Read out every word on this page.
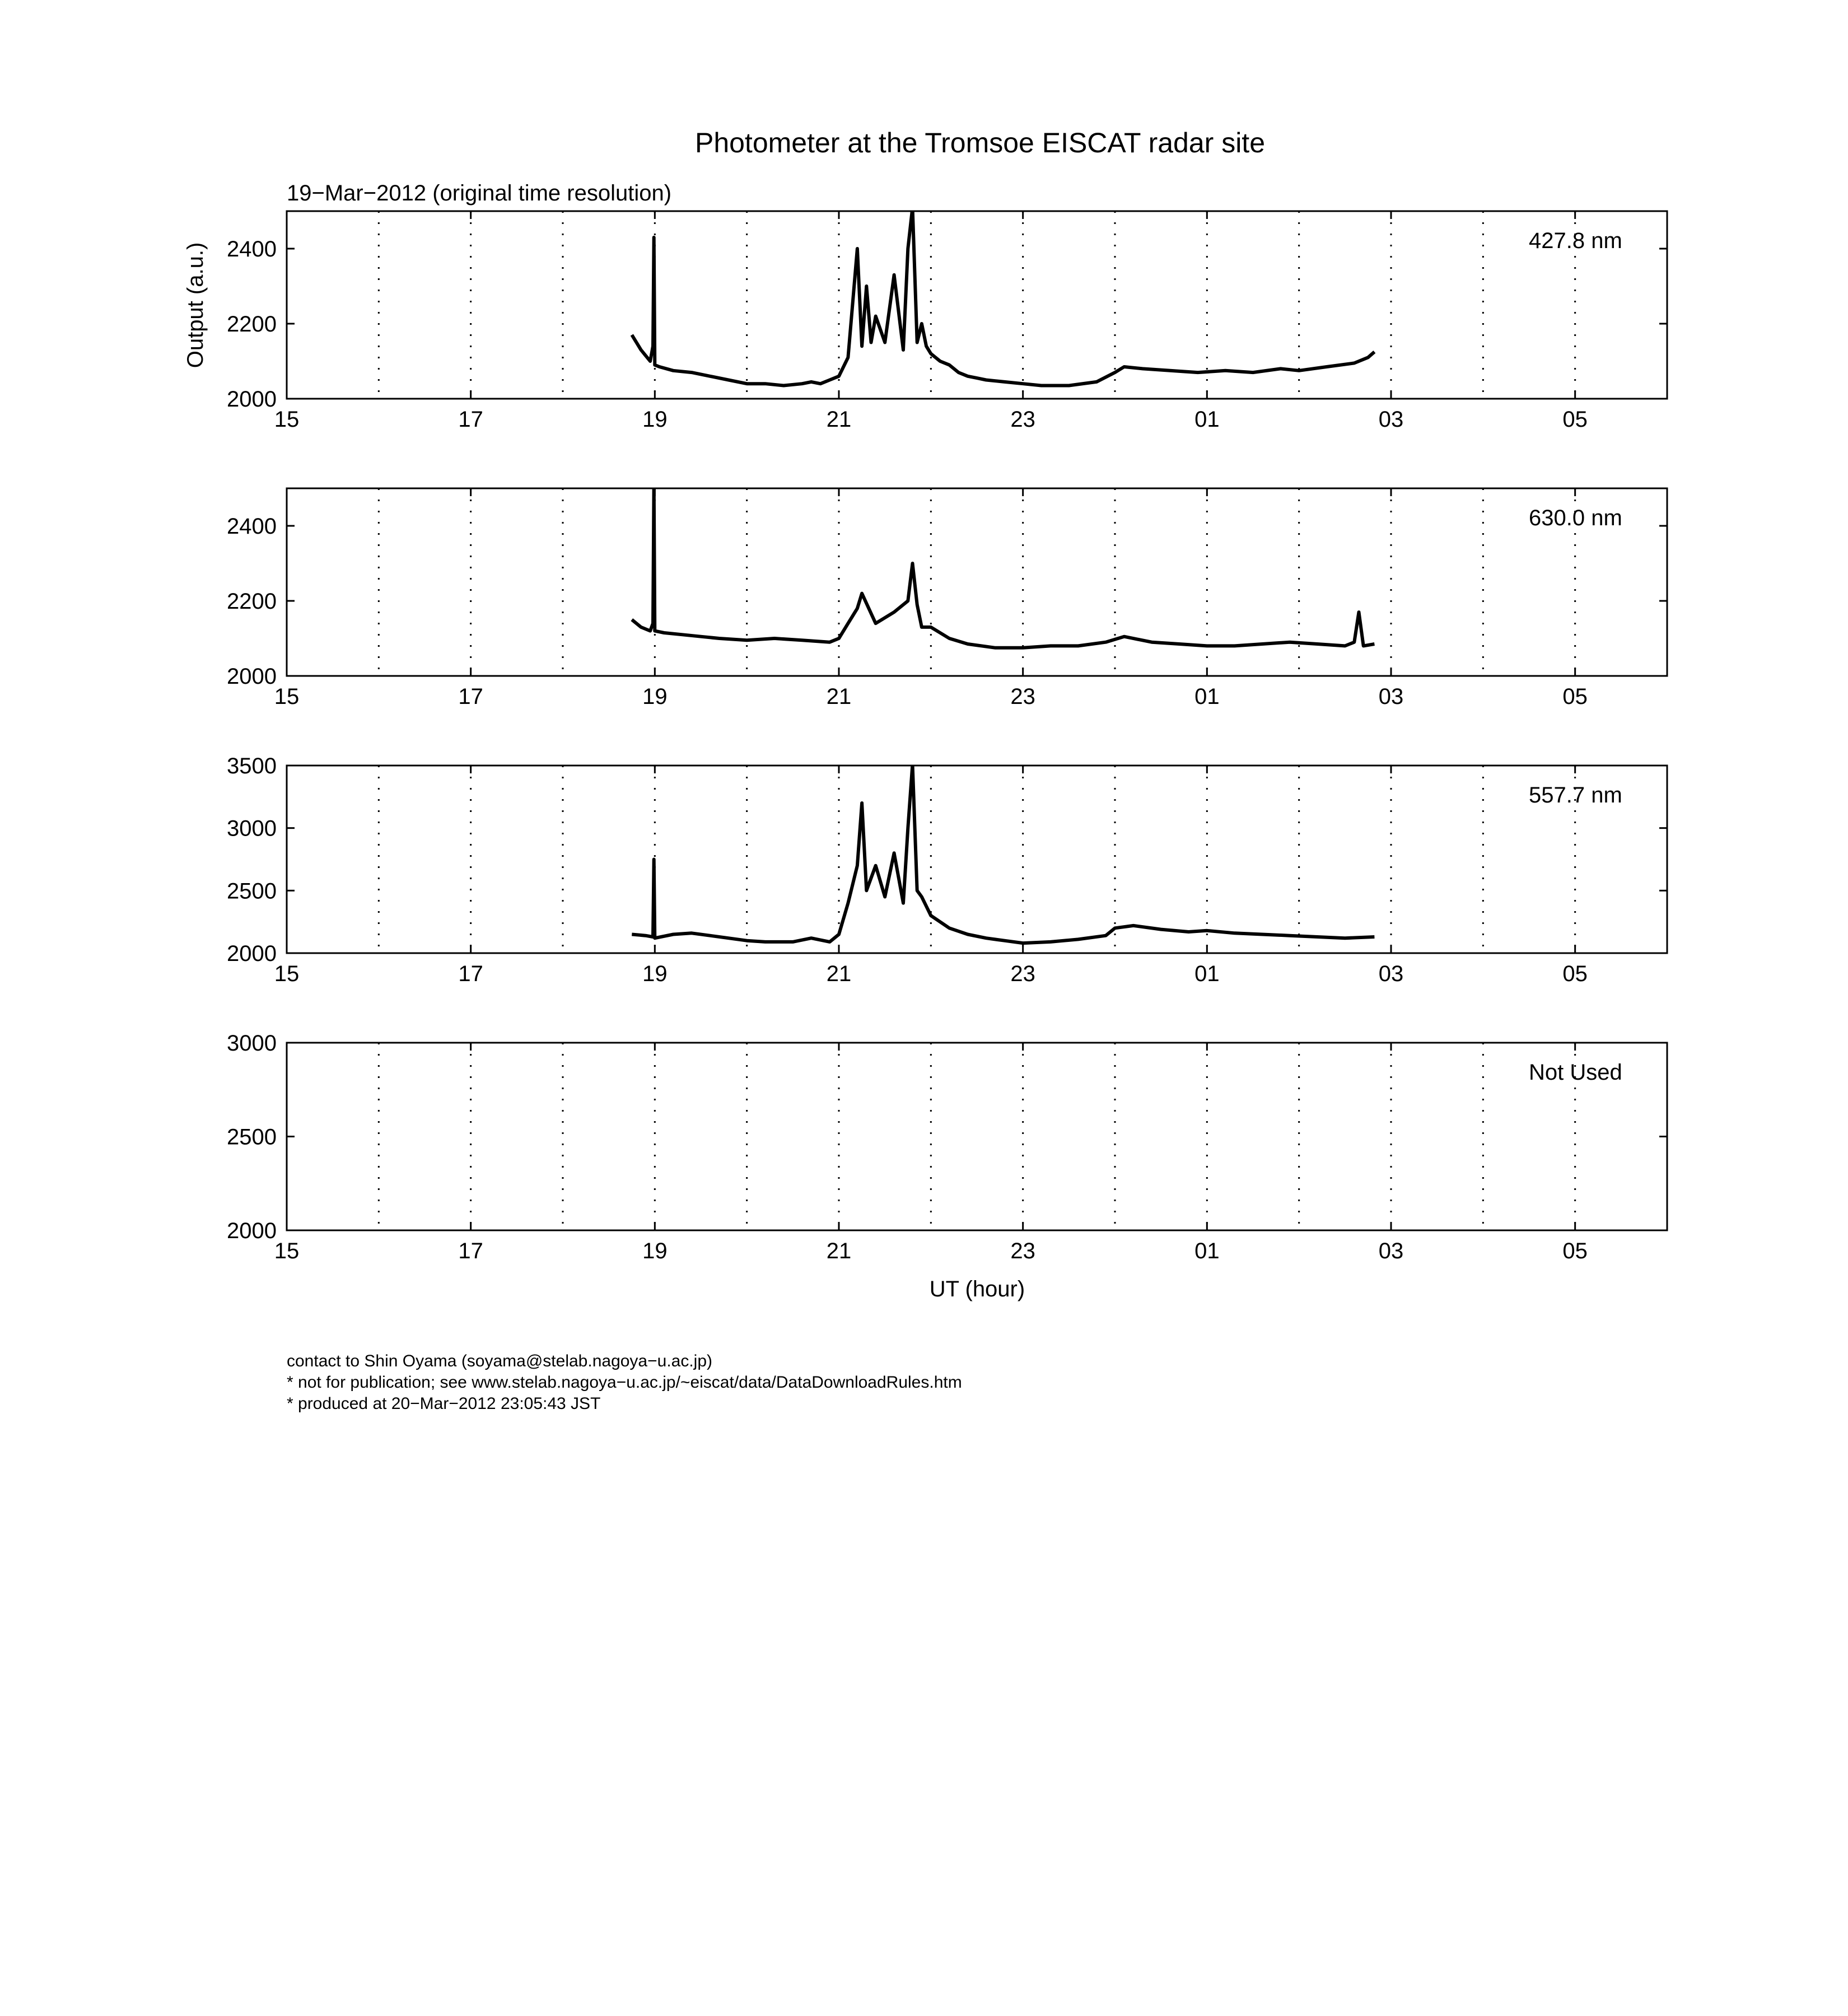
Photometer at the Tromsoe EISCAT radar site
19−Mar−2012 (original time resolution)
Output (a.u.)
15	17	19	21	23	01	03	05
2000
2200
2400	427.8 nm
15	17	19	21	23	01	03	05
2000
2200
2400	630.0 nm
15	17	19	21	23	01	03	05
2000
2500
3000
3500
557.7 nm
15	17	19	21	23	01	03	05
2000
2500
3000
Not Used
UT (hour)
contact to Shin Oyama (soyama@stelab.nagoya−u.ac.jp)
* not for publication; see www.stelab.nagoya−u.ac.jp/~eiscat/data/DataDownloadRules.htm
* produced at 20−Mar−2012 23:05:43 JST
